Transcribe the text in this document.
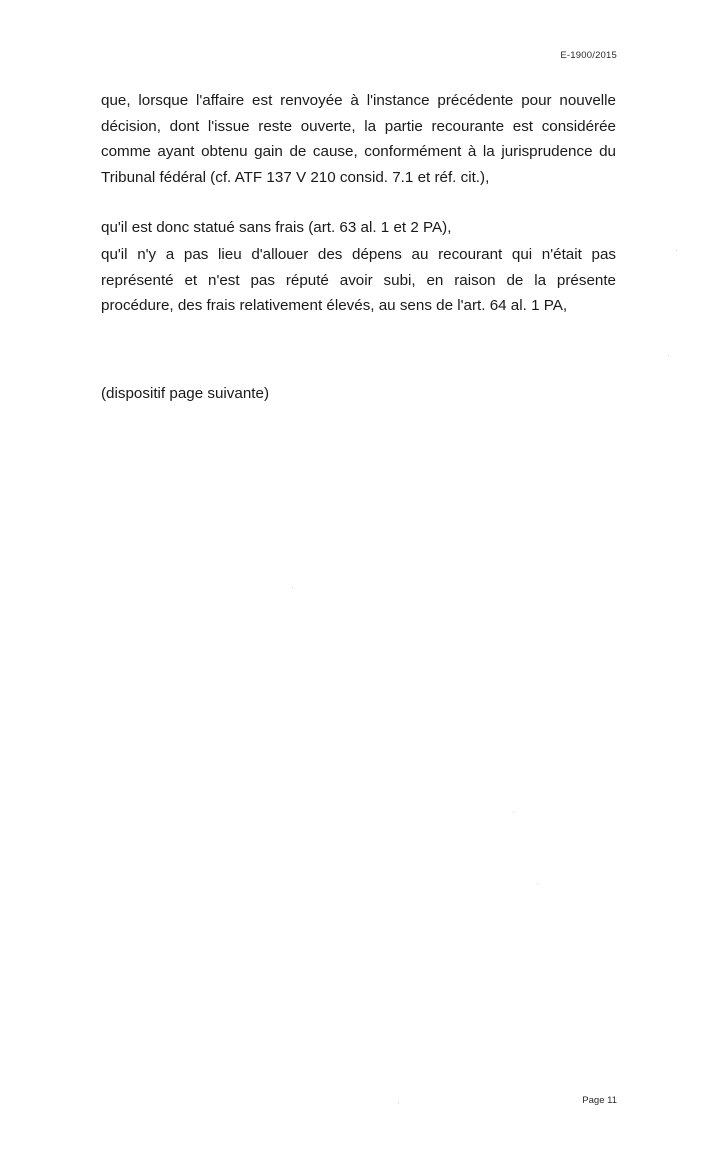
E-1900/2015

que, lorsque l'affaire est renvoyée à l'instance précédente pour nouvelle décision, dont l'issue reste ouverte, la partie recourante est considérée comme ayant obtenu gain de cause, conformément à la jurisprudence du Tribunal fédéral (cf. ATF 137 V 210 consid. 7.1 et réf. cit.),

qu'il est donc statué sans frais (art. 63 al. 1 et 2 PA),

qu'il n'y a pas lieu d'allouer des dépens au recourant qui n'était pas représenté et n'est pas réputé avoir subi, en raison de la présente procédure, des frais relativement élevés, au sens de l'art. 64 al. 1 PA,

(dispositif page suivante)

Page 11
